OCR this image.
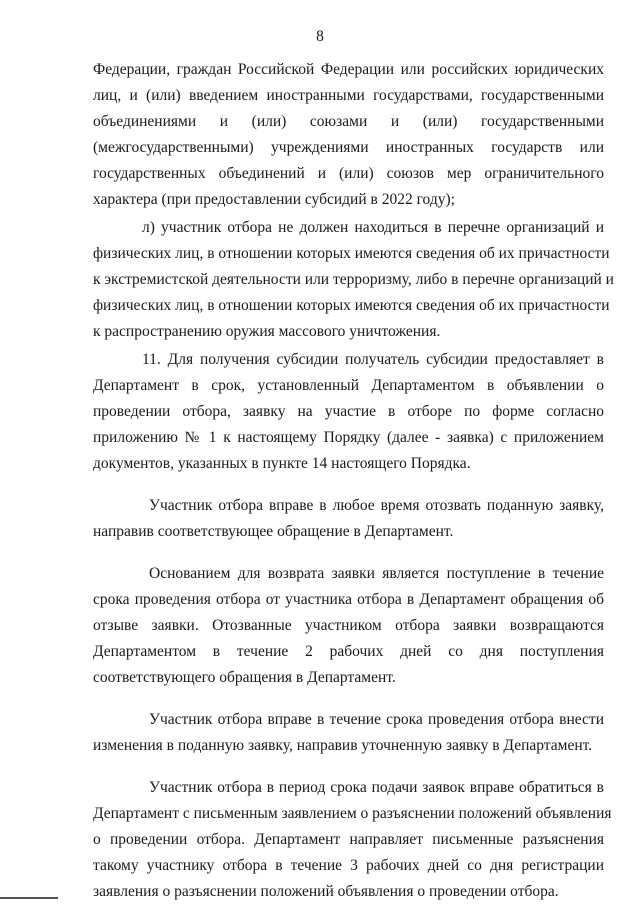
8
Федерации, граждан Российской Федерации или российских юридических
лиц, и (или) введением иностранными государствами, государственными
объединениями и (или) союзами и (или) государственными
(межгосударственными) учреждениями иностранных государств или
государственных объединений и (или) союзов мер ограничительного
характера (при предоставлении субсидий в 2022 году);
л) участник отбора не должен находиться в перечне организаций и
физических лиц, в отношении которых имеются сведения об их причастности
к экстремистской деятельности или терроризму, либо в перечне организаций и
физических лиц, в отношении которых имеются сведения об их причастности
к распространению оружия массового уничтожения.
11. Для получения субсидии получатель субсидии предоставляет в
Департамент в срок, установленный Департаментом в объявлении о
проведении отбора, заявку на участие в отборе по форме согласно
приложению № 1 к настоящему Порядку (далее - заявка) с приложением
документов, указанных в пункте 14 настоящего Порядка.
Участник отбора вправе в любое время отозвать поданную заявку,
направив соответствующее обращение в Департамент.
Основанием для возврата заявки является поступление в течение
срока проведения отбора от участника отбора в Департамент обращения об
отзыве заявки. Отозванные участником отбора заявки возвращаются
Департаментом в течение 2 рабочих дней со дня поступления
соответствующего обращения в Департамент.
Участник отбора вправе в течение срока проведения отбора внести
изменения в поданную заявку, направив уточненную заявку в Департамент.
Участник отбора в период срока подачи заявок вправе обратиться в
Департамент с письменным заявлением о разъяснении положений объявления
о проведении отбора. Департамент направляет письменные разъяснения
такому участнику отбора в течение 3 рабочих дней со дня регистрации
заявления о разъяснении положений объявления о проведении отбора.
